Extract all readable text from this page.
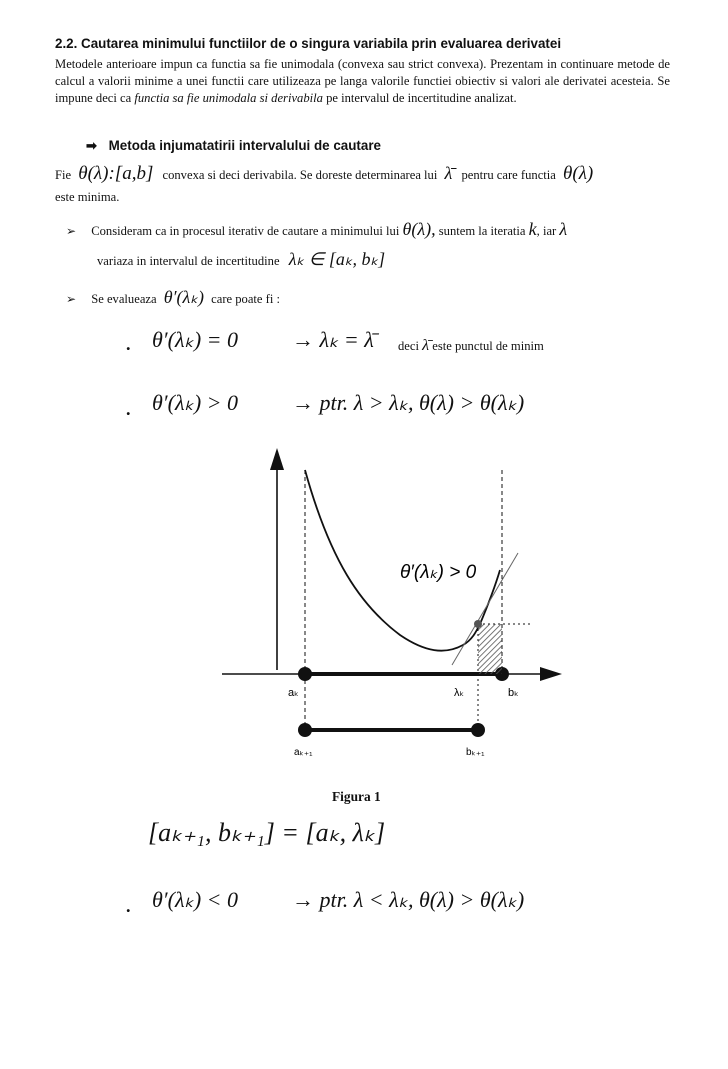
2.2. Cautarea minimului functiilor de o singura variabila prin evaluarea derivatei
Metodele anterioare impun ca functia sa fie unimodala (convexa sau strict convexa). Prezentam in continuare metode de calcul a valorii minime a unei functii care utilizeaza pe langa valorile functiei obiectiv si valori ale derivatei acesteia. Se impune deci ca functia sa fie unimodala si derivabila pe intervalul de incertitudine analizat.
➡ Metoda injumatatirii intervalului de cautare
Fie θ(λ):[a,b] convexa si deci derivabila. Se doreste determinarea lui λ̄ pentru care functia θ(λ)
este minima.
➢ Consideram ca in procesul iterativ de cautare a minimului lui θ(λ), suntem la iteratia k, iar λ
variaza in intervalul de incertitudine λₖ ∈ [aₖ, bₖ]
➢ Se evalueaza θ′(λₖ) care poate fi :
. θ′(λₖ) = 0 → λₖ = λ̄ deci λ̄ este punctul de minim
. θ′(λₖ) > 0 → ptr. λ > λₖ, θ(λ) > θ(λₖ)
θ′(λₖ) > 0
aₖ	λₖ	bₖ
aₖ₊₁	bₖ₊₁
Figura 1
[aₖ₊₁, bₖ₊₁] = [aₖ, λₖ]
. θ′(λₖ) < 0 → ptr. λ < λₖ, θ(λ) > θ(λₖ)
